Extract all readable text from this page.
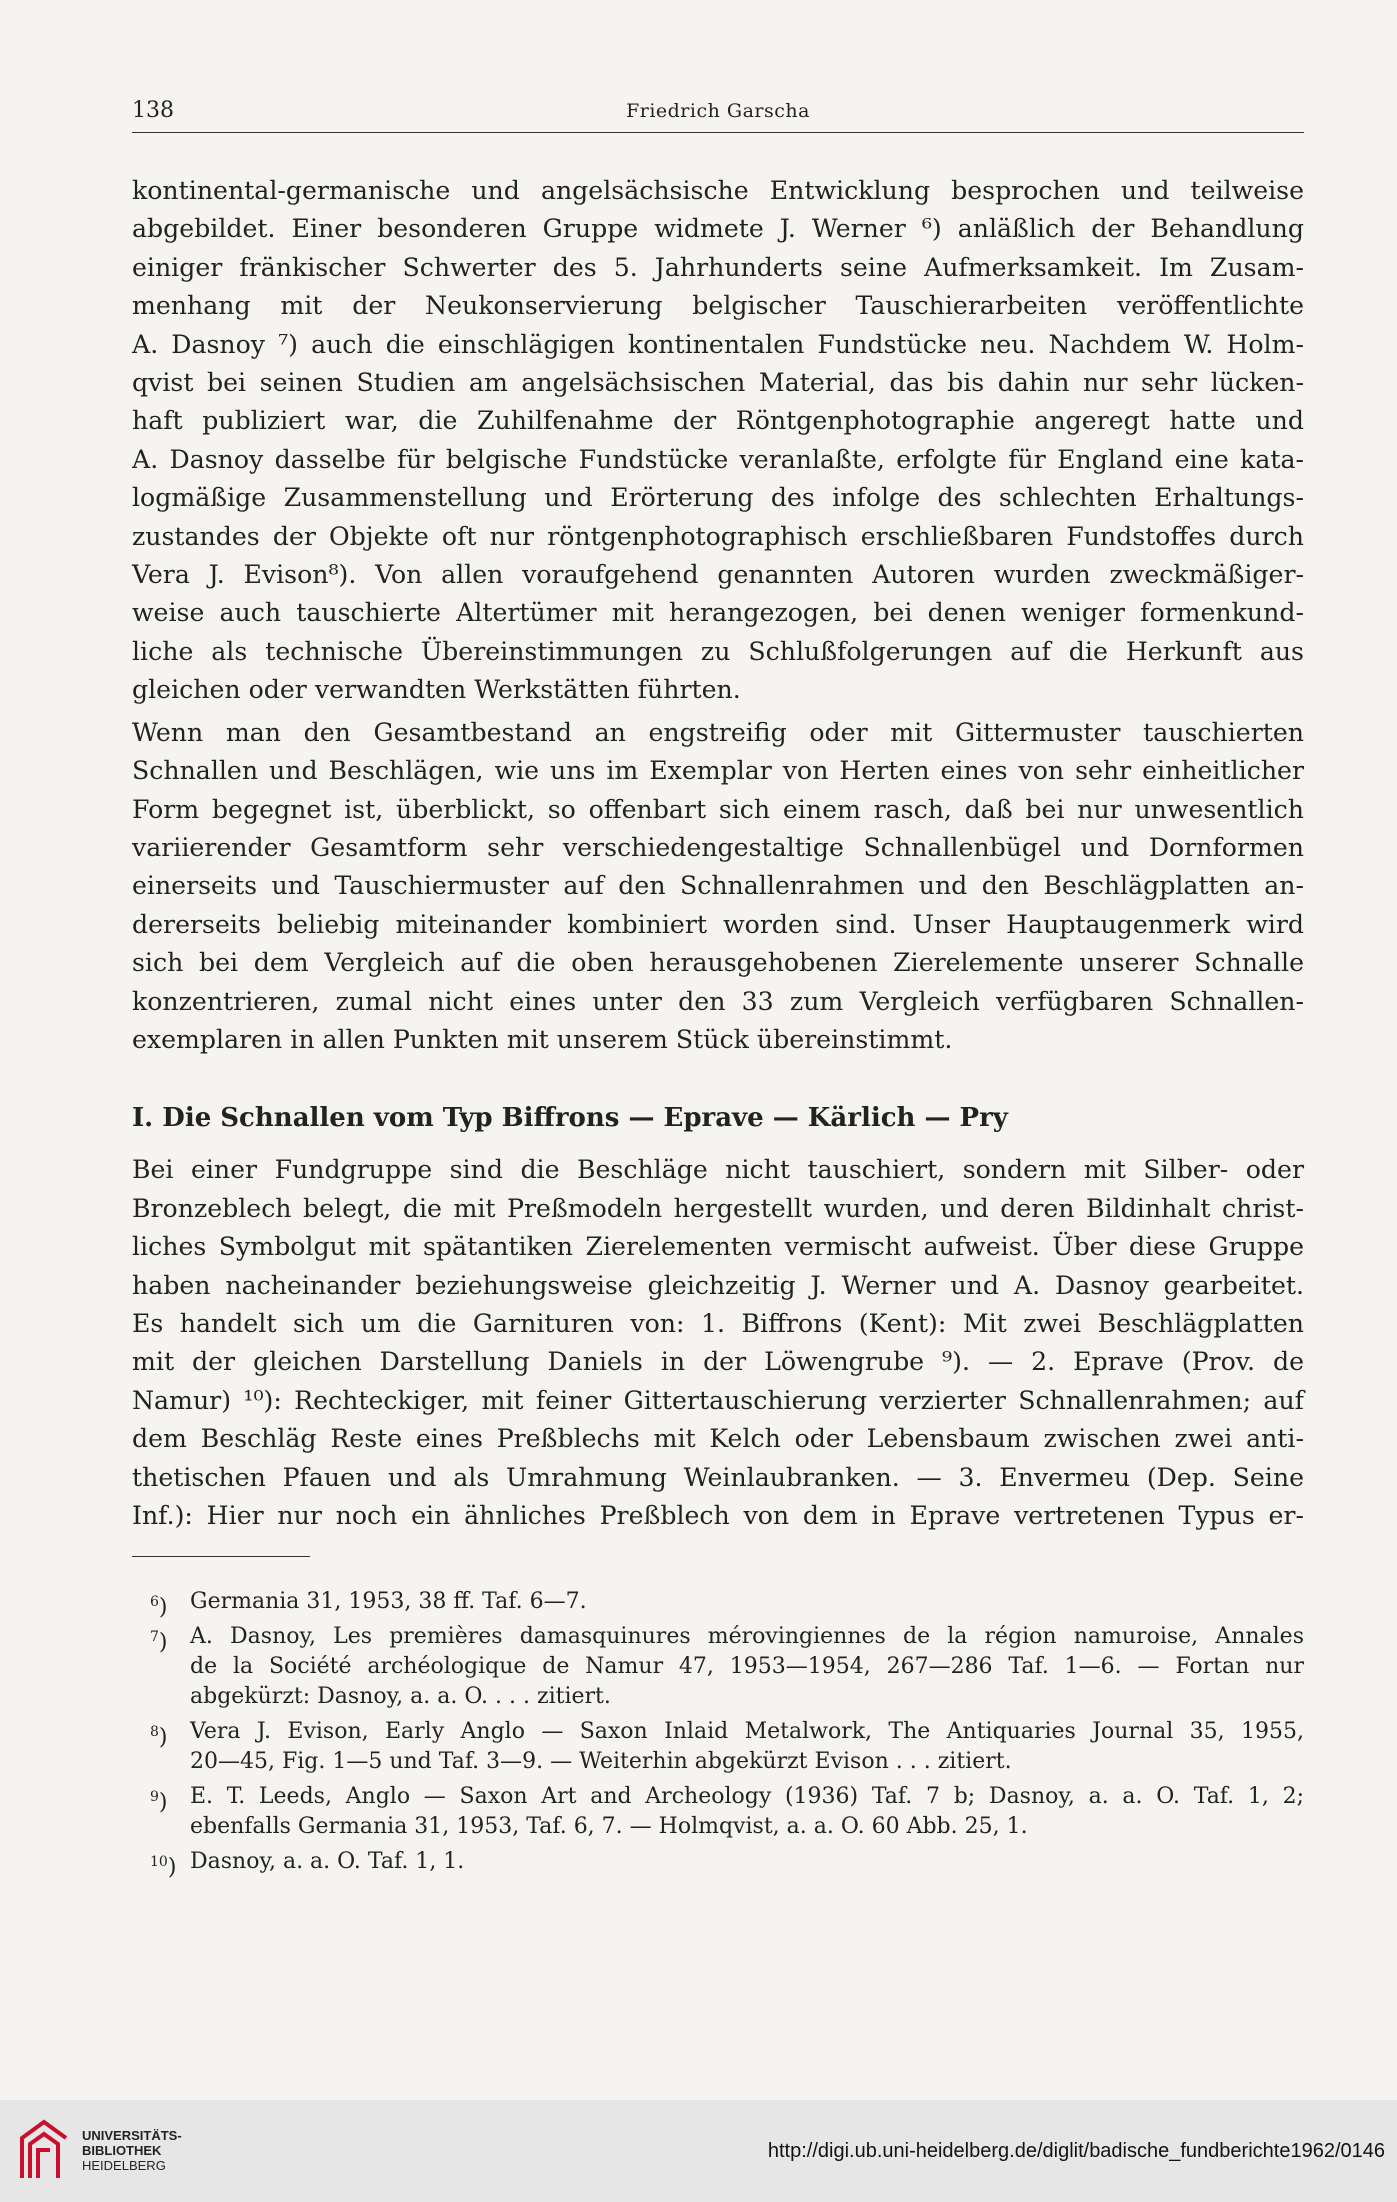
138	Friedrich Garscha

kontinental-germanische und angelsächsische Entwicklung besprochen und teilweise
abgebildet. Einer besonderen Gruppe widmete J. Werner ⁶) anläßlich der Behandlung
einiger fränkischer Schwerter des 5. Jahrhunderts seine Aufmerksamkeit. Im Zusam-
menhang mit der Neukonservierung belgischer Tauschierarbeiten veröffentlichte
A. Dasnoy ⁷) auch die einschlägigen kontinentalen Fundstücke neu. Nachdem W. Holm-
qvist bei seinen Studien am angelsächsischen Material, das bis dahin nur sehr lücken-
haft publiziert war, die Zuhilfenahme der Röntgenphotographie angeregt hatte und
A. Dasnoy dasselbe für belgische Fundstücke veranlaßte, erfolgte für England eine kata-
logmäßige Zusammenstellung und Erörterung des infolge des schlechten Erhaltungs-
zustandes der Objekte oft nur röntgenphotographisch erschließbaren Fundstoffes durch
Vera J. Evison⁸). Von allen voraufgehend genannten Autoren wurden zweckmäßiger-
weise auch tauschierte Altertümer mit herangezogen, bei denen weniger formenkund-
liche als technische Übereinstimmungen zu Schlußfolgerungen auf die Herkunft aus
gleichen oder verwandten Werkstätten führten.

Wenn man den Gesamtbestand an engstreifig oder mit Gittermuster tauschierten
Schnallen und Beschlägen, wie uns im Exemplar von Herten eines von sehr einheitlicher
Form begegnet ist, überblickt, so offenbart sich einem rasch, daß bei nur unwesentlich
variierender Gesamtform sehr verschiedengestaltige Schnallenbügel und Dornformen
einerseits und Tauschiermuster auf den Schnallenrahmen und den Beschlägplatten an-
dererseits beliebig miteinander kombiniert worden sind. Unser Hauptaugenmerk wird
sich bei dem Vergleich auf die oben herausgehobenen Zierelemente unserer Schnalle
konzentrieren, zumal nicht eines unter den 33 zum Vergleich verfügbaren Schnallen-
exemplaren in allen Punkten mit unserem Stück übereinstimmt.

I. Die Schnallen vom Typ Biffrons — Eprave — Kärlich — Pry

Bei einer Fundgruppe sind die Beschläge nicht tauschiert, sondern mit Silber- oder
Bronzeblech belegt, die mit Preßmodeln hergestellt wurden, und deren Bildinhalt christ-
liches Symbolgut mit spätantiken Zierelementen vermischt aufweist. Über diese Gruppe
haben nacheinander beziehungsweise gleichzeitig J. Werner und A. Dasnoy gearbeitet.
Es handelt sich um die Garnituren von: 1. Biffrons (Kent): Mit zwei Beschlägplatten
mit der gleichen Darstellung Daniels in der Löwengrube ⁹). — 2. Eprave (Prov. de
Namur) ¹⁰): Rechteckiger, mit feiner Gittertauschierung verzierter Schnallenrahmen; auf
dem Beschläg Reste eines Preßblechs mit Kelch oder Lebensbaum zwischen zwei anti-
thetischen Pfauen und als Umrahmung Weinlaubranken. — 3. Envermeu (Dep. Seine
Inf.): Hier nur noch ein ähnliches Preßblech von dem in Eprave vertretenen Typus er-

$^6$) Germania 31, 1953, 38 ff. Taf. 6—7.
$^7$) A. Dasnoy, Les premières damasquinures mérovingiennes de la région namuroise, Annales
de la Société archéologique de Namur 47, 1953—1954, 267—286 Taf. 1—6. — Fortan nur
abgekürzt: Dasnoy, a. a. O. . . . zitiert.
$^8$) Vera J. Evison, Early Anglo — Saxon Inlaid Metalwork, The Antiquaries Journal 35, 1955,
20—45, Fig. 1—5 und Taf. 3—9. — Weiterhin abgekürzt Evison . . . zitiert.
$^9$) E. T. Leeds, Anglo — Saxon Art and Archeology (1936) Taf. 7 b; Dasnoy, a. a. O. Taf. 1, 2;
ebenfalls Germania 31, 1953, Taf. 6, 7. — Holmqvist, a. a. O. 60 Abb. 25, 1.
$^{10}$) Dasnoy, a. a. O. Taf. 1, 1.
UNIVERSITÄTS-
BIBLIOTHEK
HEIDELBERG
http://digi.ub.uni-heidelberg.de/diglit/badische_fundberichte1962/0146
